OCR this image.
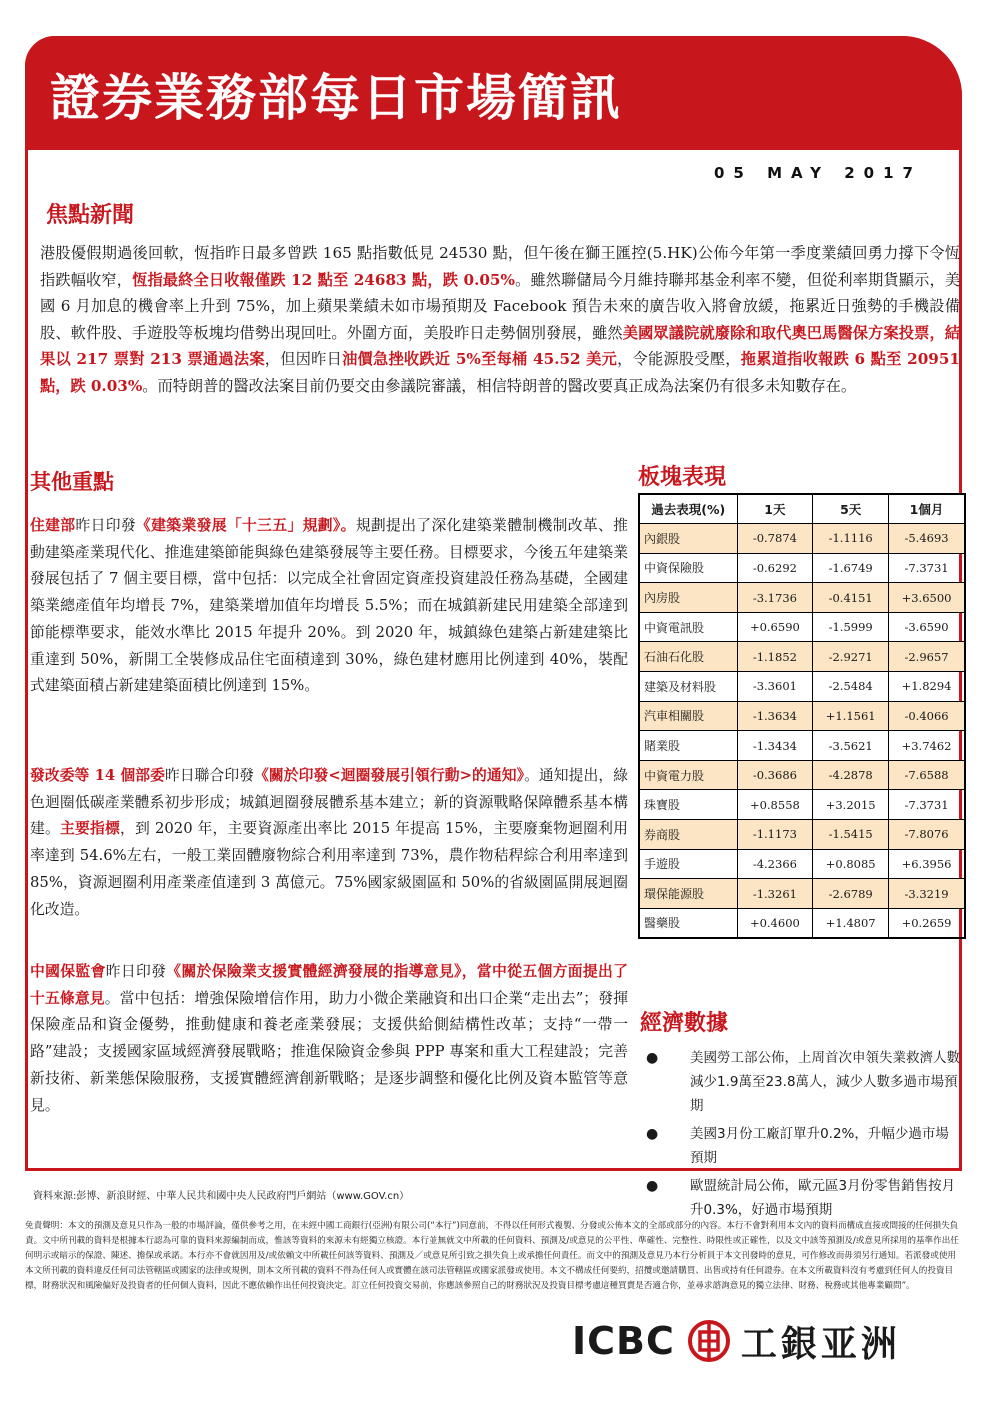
證券業務部每日市場簡訊
05 MAY 2017
焦點新聞
港股優假期過後回軟，恆指昨日最多曾跌 165 點指數低見 24530 點，但午後在獅王匯控(5.HK)公佈今年第一季度業績回勇力撐下令恆指跌幅收窄，恆指最終全日收報僅跌 12 點至 24683 點，跌 0.05%。雖然聯儲局今月維持聯邦基金利率不變，但從利率期貨顯示，美國 6 月加息的機會率上升到 75%，加上蘋果業績未如市場預期及 Facebook 預告未來的廣告收入將會放緩，拖累近日強勢的手機設備股、軟件股、手遊股等板塊均借勢出現回吐。外圍方面，美股昨日走勢個別發展，雖然美國眾議院就廢除和取代奧巴馬醫保方案投票，結果以 217 票對 213 票通過法案，但因昨日油價急挫收跌近 5%至每桶 45.52 美元，令能源股受壓，拖累道指收報跌 6 點至 20951 點，跌 0.03%。而特朗普的醫改法案目前仍要交由參議院審議，相信特朗普的醫改要真正成為法案仍有很多未知數存在。
其他重點

住建部昨日印發《建築業發展「十三五」規劃》。規劃提出了深化建築業體制機制改革、推動建築產業現代化、推進建築節能與綠色建築發展等主要任務。目標要求，今後五年建築業發展包括了 7 個主要目標，當中包括：以完成全社會固定資產投資建設任務為基礎，全國建築業總產值年均增長 7%，建築業增加值年均增長 5.5%；而在城鎮新建民用建築全部達到節能標準要求，能效水準比 2015 年提升 20%。到 2020 年，城鎮綠色建築占新建建築比重達到 50%，新開工全裝修成品住宅面積達到 30%，綠色建材應用比例達到 40%，裝配式建築面積占新建建築面積比例達到 15%。

發改委等 14 個部委昨日聯合印發《關於印發<迴圈發展引領行動>的通知》。通知提出，綠色迴圈低碳產業體系初步形成；城鎮迴圈發展體系基本建立；新的資源戰略保障體系基本構建。主要指標，到 2020 年，主要資源產出率比 2015 年提高 15%，主要廢棄物迴圈利用率達到 54.6%左右，一般工業固體廢物綜合利用率達到 73%，農作物秸稈綜合利用率達到 85%，資源迴圈利用產業產值達到 3 萬億元。75%國家級園區和 50%的省級園區開展迴圈化改造。

中國保監會昨日印發《關於保險業支援實體經濟發展的指導意見》，當中從五個方面提出了十五條意見。當中包括：增強保險增信作用，助力小微企業融資和出口企業“走出去”；發揮保險產品和資金優勢，推動健康和養老產業發展；支援供給側結構性改革；支持“一帶一路”建設；支援國家區域經濟發展戰略；推進保險資金參與 PPP 專案和重大工程建設；完善新技術、新業態保險服務，支援實體經濟創新戰略；是逐步調整和優化比例及資本監管等意見。

板塊表現
過去表現(%)	1天	5天	1個月
內銀股	-0.7874	-1.1116	-5.4693
中資保險股	-0.6292	-1.6749	-7.3731
內房股	-3.1736	-0.4151	+3.6500
中資電訊股	+0.6590	-1.5999	-3.6590
石油石化股	-1.1852	-2.9271	-2.9657
建築及材料股	-3.3601	-2.5484	+1.8294
汽車相關股	-1.3634	+1.1561	-0.4066
賭業股	-1.3434	-3.5621	+3.7462
中資電力股	-0.3686	-4.2878	-7.6588
珠寶股	+0.8558	+3.2015	-7.3731
券商股	-1.1173	-1.5415	-7.8076
手遊股	-4.2366	+0.8085	+6.3956
環保能源股	-1.3261	-2.6789	-3.3219
醫藥股	+0.4600	+1.4807	+0.2659
經濟數據
● 美國勞工部公佈，上周首次申領失業救濟人數減少1.9萬至23.8萬人，減少人數多過市場預期
● 美國3月份工廠訂單升0.2%，升幅少過市場預期
● 歐盟統計局公佈，歐元區3月份零售銷售按月升0.3%，好過市場預期
資料來源:彭博、新浪財經、中華人民共和國中央人民政府門戶網站（www.GOV.cn）
免責聲明：本文的預測及意見只作為一般的市場評論，僅供參考之用，在未經中國工商銀行(亞洲)有限公司(“本行”)同意前，不得以任何形式複製、分發或公佈本文的全部或部分的內容。本行不會對利用本文內的資料而構成直接或間接的任何損失負責。文中所刊載的資料是根據本行認為可靠的資料來源編制而成，惟該等資料的來源未有經獨立核證。本行並無就文中所載的任何資料、預測及/或意見的公平性、準確性、完整性、時限性或正確性，以及文中該等預測及/或意見所採用的基準作出任何明示或暗示的保證、陳述、擔保或承諾。本行亦不會就因用及/或依賴文中所載任何該等資料、預測及／或意見所引致之損失負上或承擔任何責任。而文中的預測及意見乃本行分析員于本文刊發時的意見，可作修改而毋須另行通知。若派發或使用本文所刊載的資料違反任何司法管轄區或國家的法律或規例，則本文所刊載的資料不得為任何人或實體在該司法管轄區或國家派發或使用。本文不構成任何要約，招攬或邀請購買、出售或持有任何證券。在本文所載資料沒有考慮到任何人的投資目標，財務狀況和風險偏好及投資者的任何個人資料，因此不應依賴作出任何投資決定。訂立任何投資交易前，你應該參照自己的財務狀況及投資目標考慮這種買賣是否適合你，並尋求諮詢意見的獨立法律、財務、稅務或其他專業顧問”。
ICBC 工銀亚洲
